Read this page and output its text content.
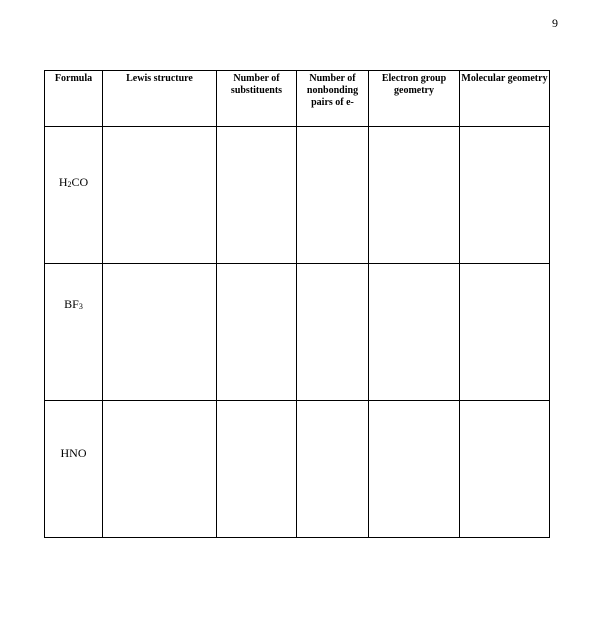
9
Formula	Lewis structure	Number of substituents	Number of nonbonding pairs of e-	Electron group geometry	Molecular geometry

$H_2CO$					

$BF_3$

HNO					
